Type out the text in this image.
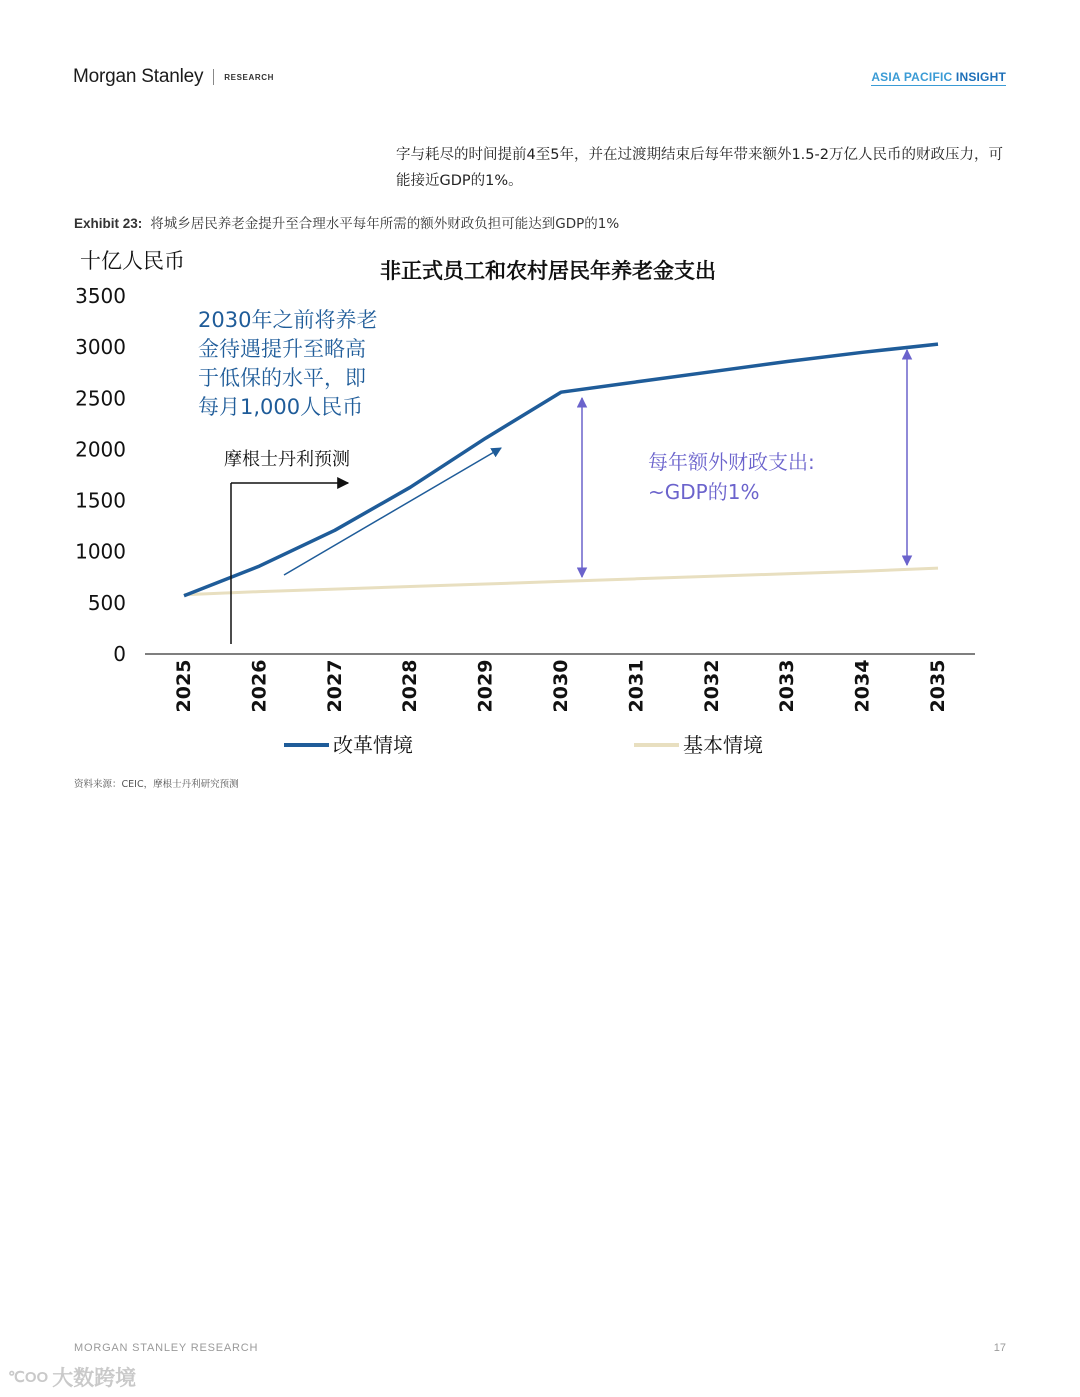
Morgan Stanley	RESEARCH	ASIA PACIFIC INSIGHT
字与耗尽的时间提前4至5年，并在过渡期结束后每年带来额外1.5-2万亿人民币的财政压力，可能接近GDP的1%。
Exhibit 23: 将城乡居民养老金提升至合理水平每年所需的额外财政负担可能达到GDP的1%
十亿人民币	非正式员工和农村居民年养老金支出
3500
3000
2500
2000
1500
1000
500
0
2025	2026	2027	2028	2029	2030	2031	2032	2033	2034	2035
摩根士丹利预测
2030年之前将养老
金待遇提升至略高
于低保的水平，即
每月1,000人民币
每年额外财政支出:
~GDP的1%
改革情境	基本情境
资料来源：CEIC，摩根士丹利研究预测
MORGAN STANLEY RESEARCH	17
℃OO 大数跨境
